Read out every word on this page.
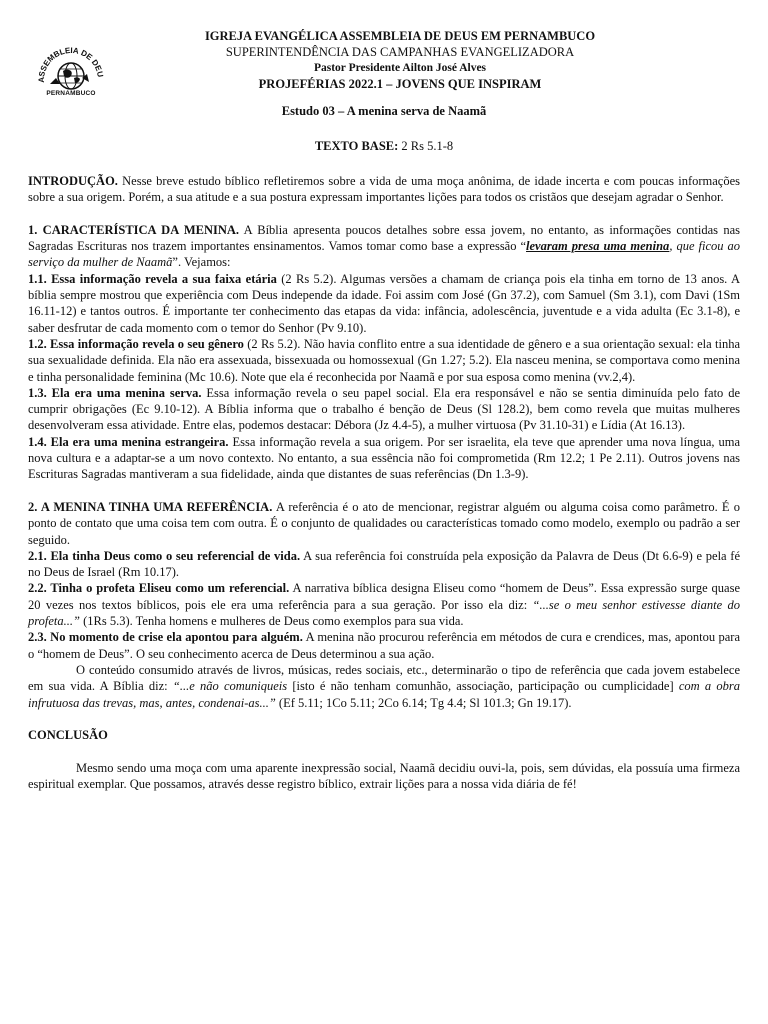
ASSEMBLEIA DE DEU
PERNAMBUCO
IGREJA EVANGÉLICA ASSEMBLEIA DE DEUS EM PERNAMBUCO
SUPERINTENDÊNCIA DAS CAMPANHAS EVANGELIZADORA
Pastor Presidente Ailton José Alves
PROJEFÉRIAS 2022.1 – JOVENS QUE INSPIRAM
Estudo 03 – A menina serva de Naamã
TEXTO BASE: 2 Rs 5.1-8

INTRODUÇÃO. Nesse breve estudo bíblico refletiremos sobre a vida de uma moça anônima, de idade incerta e com poucas informações sobre a sua origem. Porém, a sua atitude e a sua postura expressam importantes lições para todos os cristãos que desejam agradar o Senhor.

1. CARACTERÍSTICA DA MENINA. A Bíblia apresenta poucos detalhes sobre essa jovem, no entanto, as informações contidas nas Sagradas Escrituras nos trazem importantes ensinamentos. Vamos tomar como base a expressão “levaram presa uma menina, que ficou ao serviço da mulher de Naamã”. Vejamos:

1.1. Essa informação revela a sua faixa etária (2 Rs 5.2). Algumas versões a chamam de criança pois ela tinha em torno de 13 anos. A bíblia sempre mostrou que experiência com Deus independe da idade. Foi assim com José (Gn 37.2), com Samuel (Sm 3.1), com Davi (1Sm 16.11-12) e tantos outros. É importante ter conhecimento das etapas da vida: infância, adolescência, juventude e a vida adulta (Ec 3.1-8), e saber desfrutar de cada momento com o temor do Senhor (Pv 9.10).

1.2. Essa informação revela o seu gênero (2 Rs 5.2). Não havia conflito entre a sua identidade de gênero e a sua orientação sexual: ela tinha sua sexualidade definida. Ela não era assexuada, bissexuada ou homossexual (Gn 1.27; 5.2). Ela nasceu menina, se comportava como menina e tinha personalidade feminina (Mc 10.6). Note que ela é reconhecida por Naamã e por sua esposa como menina (vv.2,4).

1.3. Ela era uma menina serva. Essa informação revela o seu papel social. Ela era responsável e não se sentia diminuída pelo fato de cumprir obrigações (Ec 9.10-12). A Bíblia informa que o trabalho é benção de Deus (Sl 128.2), bem como revela que muitas mulheres desenvolveram essa atividade. Entre elas, podemos destacar: Débora (Jz 4.4-5), a mulher virtuosa (Pv 31.10-31) e Lídia (At 16.13).

1.4. Ela era uma menina estrangeira. Essa informação revela a sua origem. Por ser israelita, ela teve que aprender uma nova língua, uma nova cultura e a adaptar-se a um novo contexto. No entanto, a sua essência não foi comprometida (Rm 12.2; 1 Pe 2.11). Outros jovens nas Escrituras Sagradas mantiveram a sua fidelidade, ainda que distantes de suas referências (Dn 1.3-9).

2. A MENINA TINHA UMA REFERÊNCIA. A referência é o ato de mencionar, registrar alguém ou alguma coisa como parâmetro. É o ponto de contato que uma coisa tem com outra. É o conjunto de qualidades ou características tomado como modelo, exemplo ou padrão a ser seguido.

2.1. Ela tinha Deus como o seu referencial de vida. A sua referência foi construída pela exposição da Palavra de Deus (Dt 6.6-9) e pela fé no Deus de Israel (Rm 10.17).

2.2. Tinha o profeta Eliseu como um referencial. A narrativa bíblica designa Eliseu como “homem de Deus”. Essa expressão surge quase 20 vezes nos textos bíblicos, pois ele era uma referência para a sua geração. Por isso ela diz: “...se o meu senhor estivesse diante do profeta...” (1Rs 5.3). Tenha homens e mulheres de Deus como exemplos para sua vida.

2.3. No momento de crise ela apontou para alguém. A menina não procurou referência em métodos de cura e crendices, mas, apontou para o “homem de Deus”. O seu conhecimento acerca de Deus determinou a sua ação.

O conteúdo consumido através de livros, músicas, redes sociais, etc., determinarão o tipo de referência que cada jovem estabelece em sua vida. A Bíblia diz: “...e não comuniqueis [isto é não tenham comunhão, associação, participação ou cumplicidade] com a obra infrutuosa das trevas, mas, antes, condenai-as...” (Ef 5.11; 1Co 5.11; 2Co 6.14; Tg 4.4; Sl 101.3; Gn 19.17).

CONCLUSÃO

Mesmo sendo uma moça com uma aparente inexpressão social, Naamã decidiu ouvi-la, pois, sem dúvidas, ela possuía uma firmeza espiritual exemplar. Que possamos, através desse registro bíblico, extrair lições para a nossa vida diária de fé!
